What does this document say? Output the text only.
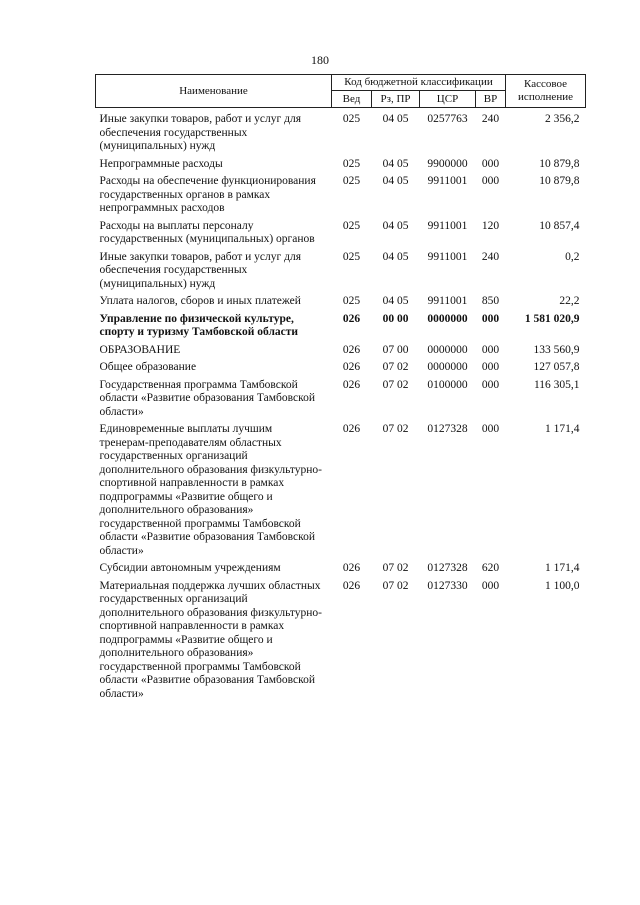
180
Наименование	Код бюджетной классификации				Кассовое исполнение
	Вед	Рз, ПР	ЦСР	ВР	
Иные закупки товаров, работ и услуг для обеспечения государственных (муниципальных) нужд	025	04 05	0257763	240	2 356,2
Непрограммные расходы	025	04 05	9900000	000	10 879,8
Расходы на обеспечение функционирования государственных органов в рамках непрограммных расходов	025	04 05	9911001	000	10 879,8
Расходы на выплаты персоналу государственных (муниципальных) органов	025	04 05	9911001	120	10 857,4
Иные закупки товаров, работ и услуг для обеспечения государственных (муниципальных) нужд	025	04 05	9911001	240	0,2
Уплата налогов, сборов и иных платежей	025	04 05	9911001	850	22,2
Управление по физической культуре, спорту и туризму Тамбовской области	026	00 00	0000000	000	1 581 020,9
ОБРАЗОВАНИЕ	026	07 00	0000000	000	133 560,9
Общее образование	026	07 02	0000000	000	127 057,8
Государственная программа Тамбовской области «Развитие образования Тамбовской области»	026	07 02	0100000	000	116 305,1
Единовременные выплаты лучшим тренерам-преподавателям областных государственных организаций дополнительного образования физкультурно-спортивной направленности в рамках подпрограммы «Развитие общего и дополнительного образования» государственной программы Тамбовской области «Развитие образования Тамбовской области»	026	07 02	0127328	000	1 171,4
Субсидии автономным учреждениям	026	07 02	0127328	620	1 171,4
Материальная поддержка лучших областных государственных организаций дополнительного образования физкультурно-спортивной направленности в рамках подпрограммы «Развитие общего и дополнительного образования» государственной программы Тамбовской области «Развитие образования Тамбовской области»	026	07 02	0127330	000	1 100,0
